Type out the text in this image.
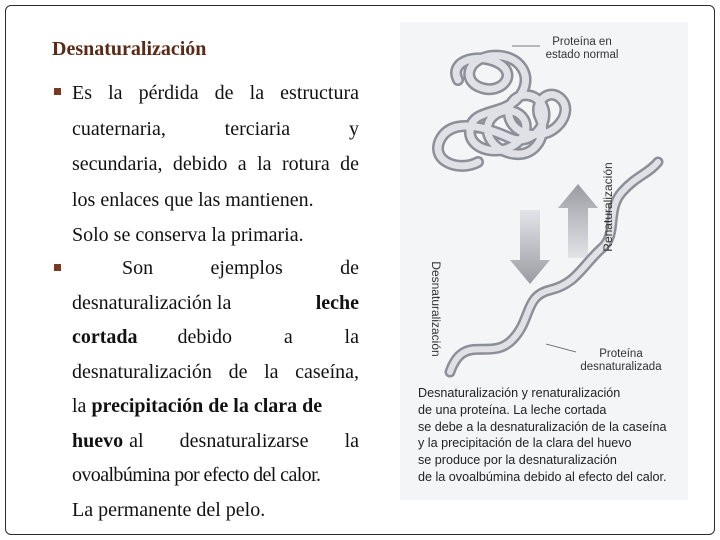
Desnaturalización
Es la pérdida de la estructura
cuaternaria, terciaria y
secundaria, debido a la rotura de
los enlaces que las mantienen.
Solo se conserva la primaria.
Son ejemplos de
desnaturalización la	leche
cortada	debido a la
desnaturalización de la caseína,
la precipitación de la clara de
huevo al desnaturalizarse la
ovoalbúmina por efecto del calor.
La permanente del pelo.
Proteína en estado normal
Proteína desnaturalizada
Desnaturalización
Renaturalización
Desnaturalización y renaturalización
de una proteína. La leche cortada
se debe a la desnaturalización de la caseína
y la precipitación de la clara del huevo
se produce por la desnaturalización
de la ovoalbúmina debido al efecto del calor.
